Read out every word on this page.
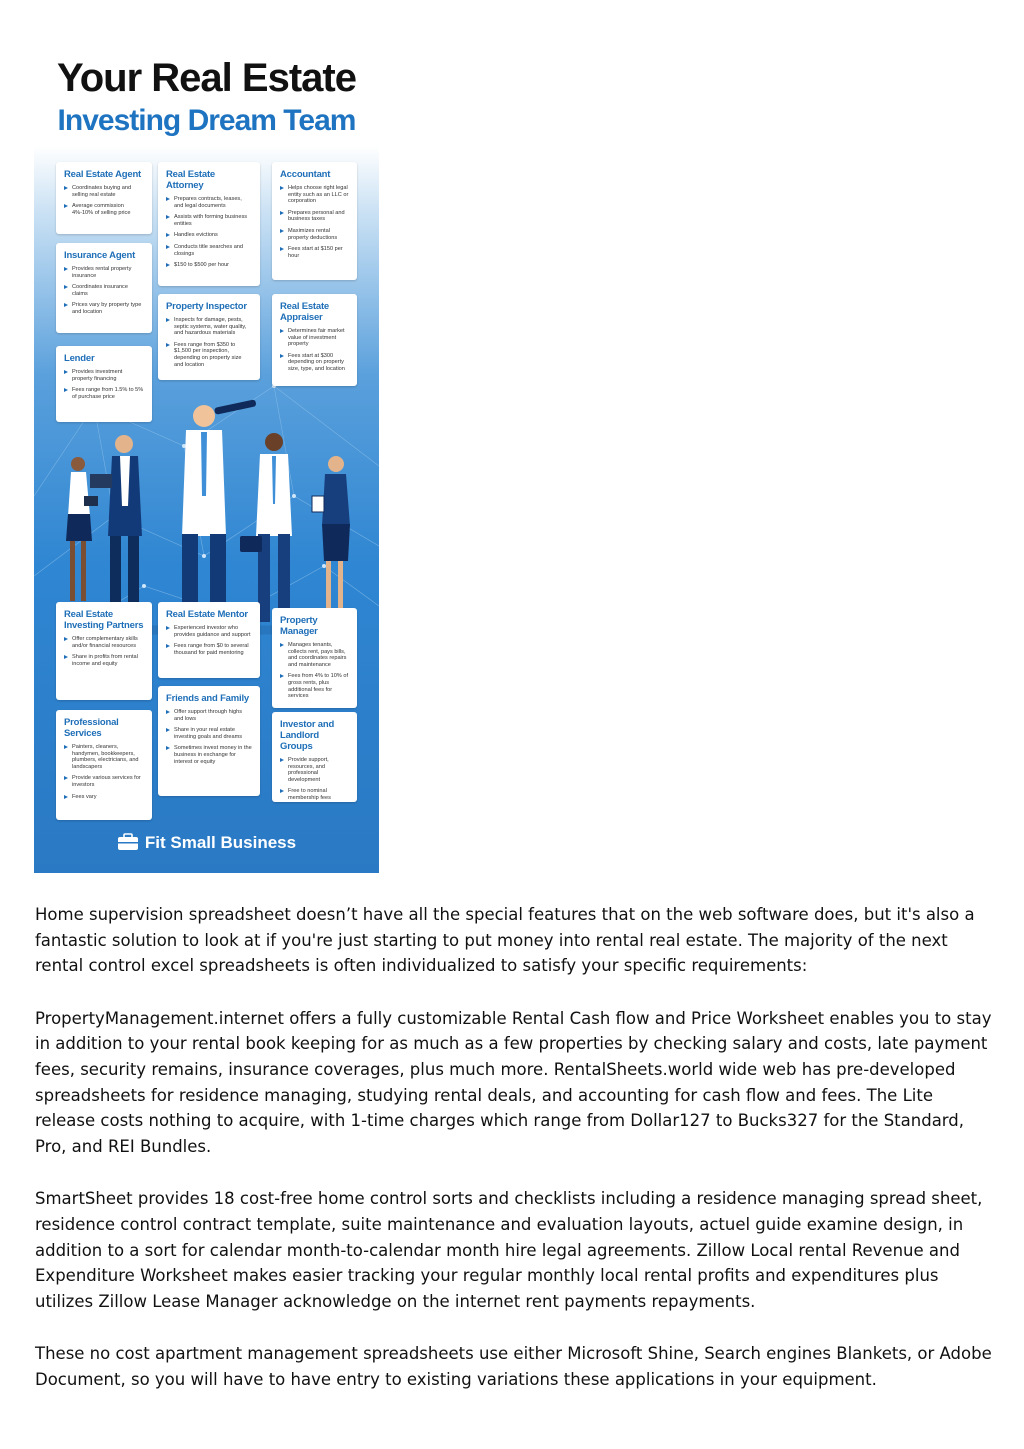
Your Real Estate
Investing Dream Team
Real Estate Agent
Coordinates buying and selling real estate
Average commission 4%-10% of selling price
Real Estate Attorney
Prepares contracts, leases, and legal documents
Assists with forming business entities
Handles evictions
Conducts title searches and closings
$150 to $500 per hour
Accountant
Helps choose right legal entity such as an LLC or corporation
Prepares personal and business taxes
Maximizes rental property deductions
Fees start at $150 per hour
Insurance Agent
Provides rental property insurance
Coordinates insurance claims
Prices vary by property type and location	Property Inspector
Inspects for damage, pests, septic systems, water quality, and hazardous materials
Fees range from $350 to $1,500 per inspection, depending on property size and location
Real Estate Appraiser
Determines fair market value of investment property
Fees start at $300 depending on property size, type, and location
Lender
Provides investment property financing
Fees range from 1.5% to 5% of purchase price
Real Estate Investing Partners
Offer complementary skills and/or financial resources
Share in profits from rental income and equity
Real Estate Mentor
Experienced investor who provides guidance and support
Fees range from $0 to several thousand for paid mentoring
Property Manager
Manages tenants, collects rent, pays bills, and coordinates repairs and maintenance
Fees from 4% to 10% of gross rents, plus additional fees for services
Friends and Family
Offer support through highs and lows
Share in your real estate investing goals and dreams
Sometimes invest money in the business in exchange for interest or equity
Professional Services
Painters, cleaners, handymen, bookkeepers, plumbers, electricians, and landscapers
Provide various services for investors
Fees vary
Investor and Landlord Groups
Provide support, resources, and professional development
Free to nominal membership fees
Fit Small Business

Home supervision spreadsheet doesn’t have all the special features that on the web software does, but it's also a fantastic solution to look at if you're just starting to put money into rental real estate. The majority of the next rental control excel spreadsheets is often individualized to satisfy your specific requirements:

PropertyManagement.internet offers a fully customizable Rental Cash flow and Price Worksheet enables you to stay in addition to your rental book keeping for as much as a few properties by checking salary and costs, late payment fees, security remains, insurance coverages, plus much more. RentalSheets.world wide web has pre-developed spreadsheets for residence managing, studying rental deals, and accounting for cash flow and fees. The Lite release costs nothing to acquire, with 1-time charges which range from Dollar127 to Bucks327 for the Standard, Pro, and REI Bundles.

SmartSheet provides 18 cost-free home control sorts and checklists including a residence managing spread sheet, residence control contract template, suite maintenance and evaluation layouts, actuel guide examine design, in addition to a sort for calendar month-to-calendar month hire legal agreements. Zillow Local rental Revenue and Expenditure Worksheet makes easier tracking your regular monthly local rental profits and expenditures plus utilizes Zillow Lease Manager acknowledge on the internet rent payments repayments.

These no cost apartment management spreadsheets use either Microsoft Shine, Search engines Blankets, or Adobe Document, so you will have to have entry to existing variations these applications in your equipment.
